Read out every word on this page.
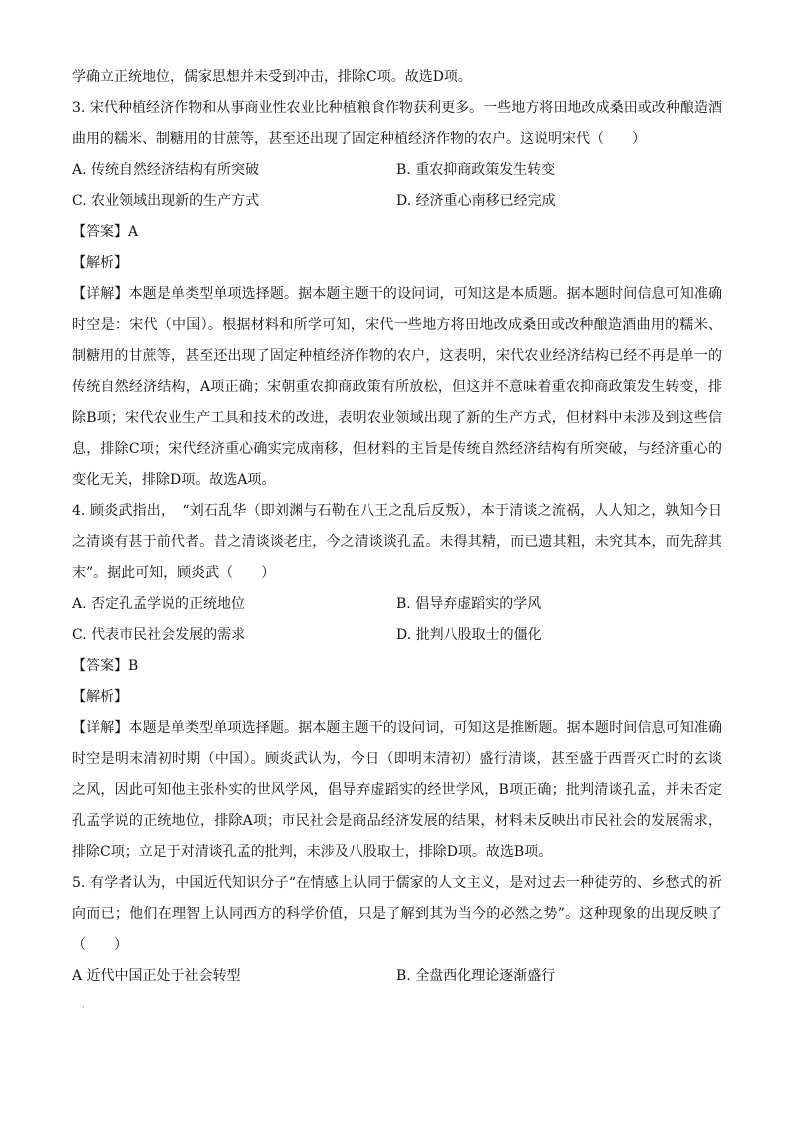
学确立正统地位，儒家思想并未受到冲击，排除C项。故选D项。
3. 宋代种植经济作物和从事商业性农业比种植粮食作物获利更多。一些地方将田地改成桑田或改种酿造酒曲用的糯米、制糖用的甘蔗等，甚至还出现了固定种植经济作物的农户。这说明宋代（　　）
A. 传统自然经济结构有所突破	B. 重农抑商政策发生转变
C. 农业领域出现新的生产方式	D. 经济重心南移已经完成
【答案】A
【解析】
【详解】本题是单类型单项选择题。据本题主题干的设问词，可知这是本质题。据本题时间信息可知准确时空是：宋代（中国）。根据材料和所学可知，宋代一些地方将田地改成桑田或改种酿造酒曲用的糯米、制糖用的甘蔗等，甚至还出现了固定种植经济作物的农户，这表明，宋代农业经济结构已经不再是单一的传统自然经济结构，A项正确；宋朝重农抑商政策有所放松，但这并不意味着重农抑商政策发生转变，排除B项；宋代农业生产工具和技术的改进，表明农业领域出现了新的生产方式，但材料中未涉及到这些信息，排除C项；宋代经济重心确实完成南移，但材料的主旨是传统自然经济结构有所突破，与经济重心的变化无关，排除D项。故选A项。
4. 顾炎武指出，　“刘石乱华（即刘渊与石勒在八王之乱后反叛），本于清谈之流祸，人人知之，孰知今日之清谈有甚于前代者。昔之清谈谈老庄，今之清谈谈孔孟。未得其精，而已遗其粗，未究其本，而先辞其末”。据此可知，顾炎武（　　）
A. 否定孔孟学说的正统地位	B. 倡导弃虚蹈实的学风
C. 代表市民社会发展的需求	D. 批判八股取士的僵化
【答案】B
【解析】
【详解】本题是单类型单项选择题。据本题主题干的设问词，可知这是推断题。据本题时间信息可知准确时空是明末清初时期（中国）。顾炎武认为，今日（即明末清初）盛行清谈，甚至盛于西晋灭亡时的玄谈之风，因此可知他主张朴实的世风学风，倡导弃虚蹈实的经世学风，B项正确；批判清谈孔孟，并未否定孔孟学说的正统地位，排除A项；市民社会是商品经济发展的结果，材料未反映出市民社会的发展需求，排除C项；立足于对清谈孔孟的批判，未涉及八股取士，排除D项。故选B项。
5. 有学者认为，中国近代知识分子“在情感上认同于儒家的人文主义，是对过去一种徒劳的、乡愁式的祈向而已；他们在理智上认同西方的科学价值，只是了解到其为当今的必然之势”。这种现象的出现反映了（　　）
A 近代中国正处于社会转型	B. 全盘西化理论逐渐盛行
·
